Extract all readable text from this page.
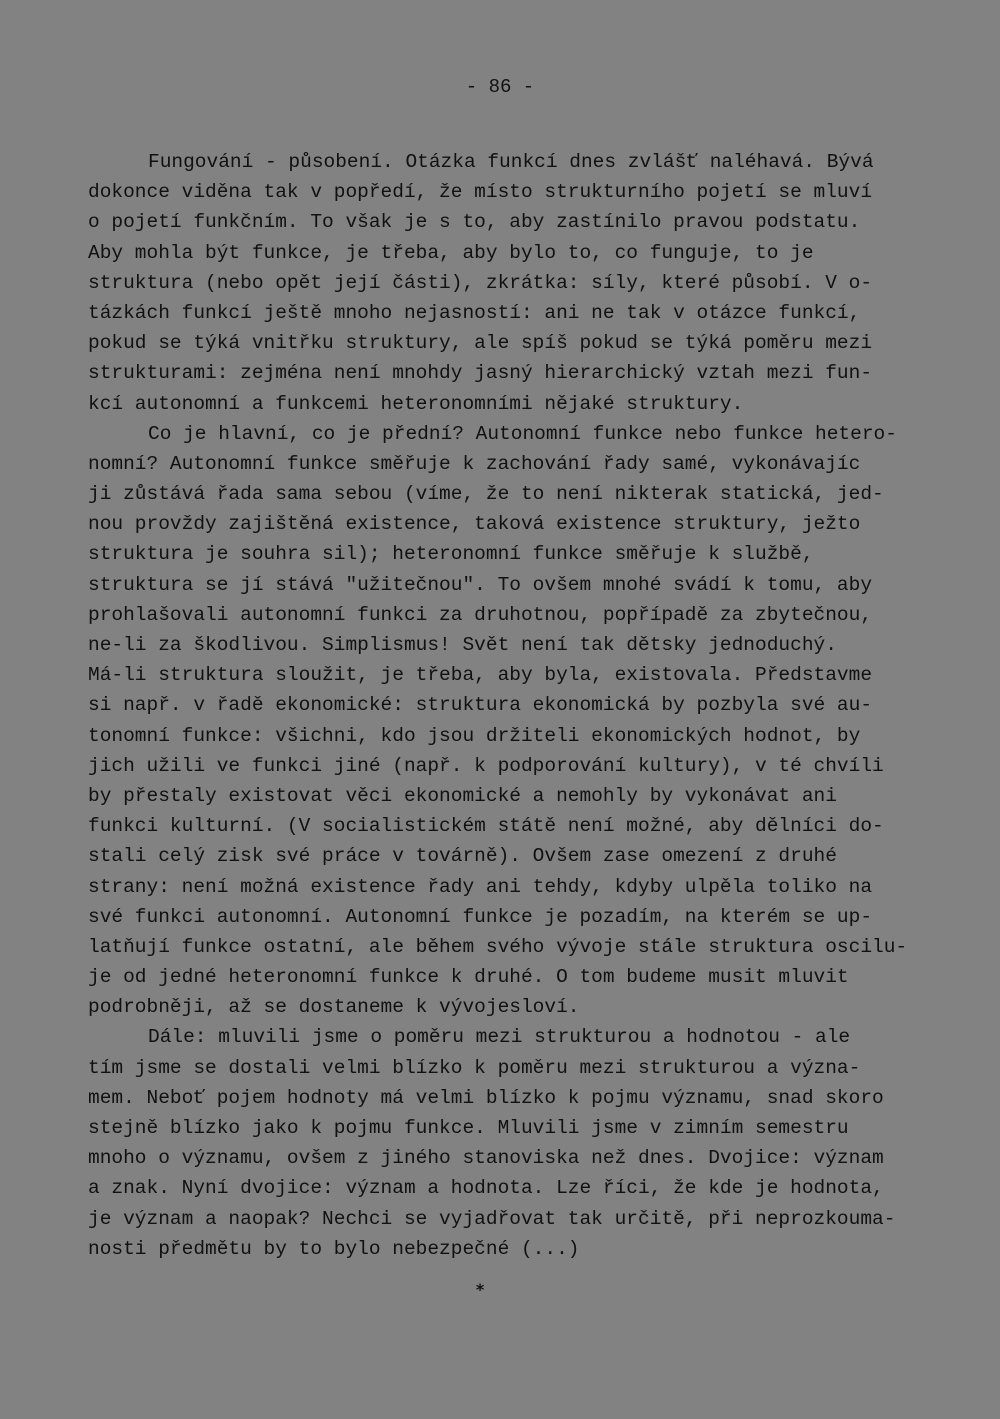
- 86 -
Fungování - působení. Otázka funkcí dnes zvlášť naléhavá. Bývá
dokonce viděna tak v popředí, že místo strukturního pojetí se mluví
o pojetí funkčním. To však je s to, aby zastínilo pravou podstatu.
Aby mohla být funkce, je třeba, aby bylo to, co funguje, to je
struktura (nebo opět její části), zkrátka: síly, které působí. V o-
tázkách funkcí ještě mnoho nejasností: ani ne tak v otázce funkcí,
pokud se týká vnitřku struktury, ale spíš pokud se týká poměru mezi
strukturami: zejména není mnohdy jasný hierarchický vztah mezi fun-
kcí autonomní a funkcemi heteronomními nějaké struktury.
Co je hlavní, co je přední? Autonomní funkce nebo funkce hetero-
nomní? Autonomní funkce směřuje k zachování řady samé, vykonávajíc
ji zůstává řada sama sebou (víme, že to není nikterak statická, jed-
nou provždy zajištěná existence, taková existence struktury, ježto
struktura je souhra sil); heteronomní funkce směřuje k službě,
struktura se jí stává "užitečnou". To ovšem mnohé svádí k tomu, aby
prohlašovali autonomní funkci za druhotnou, popřípadě za zbytečnou,
ne-li za škodlivou. Simplismus! Svět není tak dětsky jednoduchý.
Má-li struktura sloužit, je třeba, aby byla, existovala. Představme
si např. v řadě ekonomické: struktura ekonomická by pozbyla své au-
tonomní funkce: všichni, kdo jsou držiteli ekonomických hodnot, by
jich užili ve funkci jiné (např. k podporování kultury), v té chvíli
by přestaly existovat věci ekonomické a nemohly by vykonávat ani
funkci kulturní. (V socialistickém státě není možné, aby dělníci do-
stali celý zisk své práce v továrně). Ovšem zase omezení z druhé
strany: není možná existence řady ani tehdy, kdyby ulpěla toliko na
své funkci autonomní. Autonomní funkce je pozadím, na kterém se up-
latňují funkce ostatní, ale během svého vývoje stále struktura oscilu-
je od jedné heteronomní funkce k druhé. O tom budeme musit mluvit
podrobněji, až se dostaneme k vývojesloví.
Dále: mluvili jsme o poměru mezi strukturou a hodnotou - ale
tím jsme se dostali velmi blízko k poměru mezi strukturou a význa-
mem. Neboť pojem hodnoty má velmi blízko k pojmu významu, snad skoro
stejně blízko jako k pojmu funkce. Mluvili jsme v zimním semestru
mnoho o významu, ovšem z jiného stanoviska než dnes. Dvojice: význam
a znak. Nyní dvojice: význam a hodnota. Lze říci, že kde je hodnota,
je význam a naopak? Nechci se vyjadřovat tak určitě, při neprozkouma-
nosti předmětu by to bylo nebezpečné (...)
*
